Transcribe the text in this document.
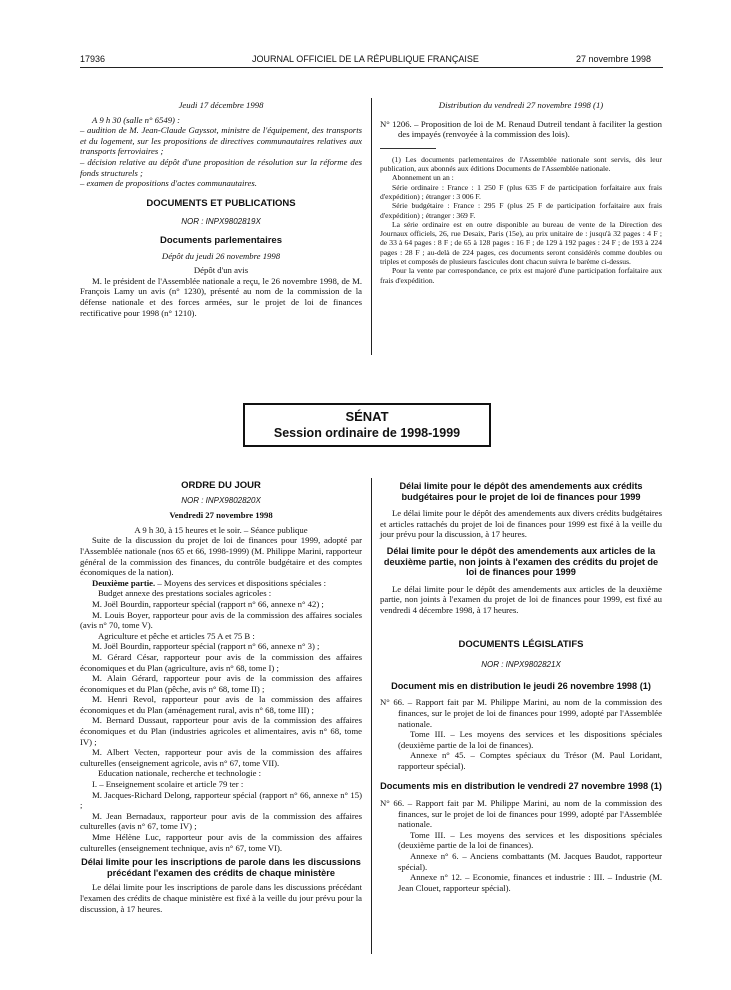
17936	JOURNAL OFFICIEL DE LA RÉPUBLIQUE FRANÇAISE	27 novembre 1998

Jeudi 17 décembre 1998

A 9 h 30 (salle n° 6549) :

– audition de M. Jean-Claude Gayssot, ministre de l'équipement, des transports et du logement, sur les propositions de directives communautaires relatives aux transports ferroviaires ;

– décision relative au dépôt d'une proposition de résolution sur la réforme des fonds structurels ;

– examen de propositions d'actes communautaires.

DOCUMENTS ET PUBLICATIONS

NOR : INPX9802819X

Documents parlementaires

Dépôt du jeudi 26 novembre 1998

Dépôt d'un avis

M. le président de l'Assemblée nationale a reçu, le 26 novembre 1998, de M. François Lamy un avis (n° 1230), présenté au nom de la commission de la défense nationale et des forces armées, sur le projet de loi de finances rectificative pour 1998 (n° 1210).

Distribution du vendredi 27 novembre 1998 (1)

N° 1206. – Proposition de loi de M. Renaud Dutreil tendant à faciliter la gestion des impayés (renvoyée à la commission des lois).

(1) Les documents parlementaires de l'Assemblée nationale sont servis, dès leur publication, aux abonnés aux éditions Documents de l'Assemblée nationale.

Abonnement un an :

Série ordinaire : France : 1 250 F (plus 635 F de participation forfaitaire aux frais d'expédition) ; étranger : 3 006 F.

Série budgétaire : France : 295 F (plus 25 F de participation forfaitaire aux frais d'expédition) ; étranger : 369 F.

La série ordinaire est en outre disponible au bureau de vente de la Direction des Journaux officiels, 26, rue Desaix, Paris (15e), au prix unitaire de : jusqu'à 32 pages : 4 F ; de 33 à 64 pages : 8 F ; de 65 à 128 pages : 16 F ; de 129 à 192 pages : 24 F ; de 193 à 224 pages : 28 F ; au-delà de 224 pages, ces documents seront considérés comme doubles ou triples et composés de plusieurs fascicules dont chacun suivra le barème ci-dessus.

Pour la vente par correspondance, ce prix est majoré d'une participation forfaitaire aux frais d'expédition.

SÉNAT
Session ordinaire de 1998-1999

ORDRE DU JOUR

NOR : INPX9802820X

Vendredi 27 novembre 1998

A 9 h 30, à 15 heures et le soir. – Séance publique

Suite de la discussion du projet de loi de finances pour 1999, adopté par l'Assemblée nationale (nos 65 et 66, 1998-1999) (M. Philippe Marini, rapporteur général de la commission des finances, du contrôle budgétaire et des comptes économiques de la nation).

Deuxième partie. – Moyens des services et dispositions spéciales :

Budget annexe des prestations sociales agricoles :

M. Joël Bourdin, rapporteur spécial (rapport n° 66, annexe n° 42) ;

M. Louis Boyer, rapporteur pour avis de la commission des affaires sociales (avis n° 70, tome V).

Agriculture et pêche et articles 75 A et 75 B :

M. Joël Bourdin, rapporteur spécial (rapport n° 66, annexe n° 3) ;

M. Gérard César, rapporteur pour avis de la commission des affaires économiques et du Plan (agriculture, avis n° 68, tome I) ;

M. Alain Gérard, rapporteur pour avis de la commission des affaires économiques et du Plan (pêche, avis n° 68, tome II) ;

M. Henri Revol, rapporteur pour avis de la commission des affaires économiques et du Plan (aménagement rural, avis n° 68, tome III) ;

M. Bernard Dussaut, rapporteur pour avis de la commission des affaires économiques et du Plan (industries agricoles et alimentaires, avis n° 68, tome IV) ;

M. Albert Vecten, rapporteur pour avis de la commission des affaires culturelles (enseignement agricole, avis n° 67, tome VII).

Education nationale, recherche et technologie :

I. – Enseignement scolaire et article 79 ter :

M. Jacques-Richard Delong, rapporteur spécial (rapport n° 66, annexe n° 15) ;

M. Jean Bernadaux, rapporteur pour avis de la commission des affaires culturelles (avis n° 67, tome IV) ;

Mme Hélène Luc, rapporteur pour avis de la commission des affaires culturelles (enseignement technique, avis n° 67, tome VI).

Délai limite pour les inscriptions de parole dans les discussions précédant l'examen des crédits de chaque ministère

Le délai limite pour les inscriptions de parole dans les discussions précédant l'examen des crédits de chaque ministère est fixé à la veille du jour prévu pour la discussion, à 17 heures.

Délai limite pour le dépôt des amendements aux crédits budgétaires pour le projet de loi de finances pour 1999

Le délai limite pour le dépôt des amendements aux divers crédits budgétaires et articles rattachés du projet de loi de finances pour 1999 est fixé à la veille du jour prévu pour la discussion, à 17 heures.

Délai limite pour le dépôt des amendements aux articles de la deuxième partie, non joints à l'examen des crédits du projet de loi de finances pour 1999

Le délai limite pour le dépôt des amendements aux articles de la deuxième partie, non joints à l'examen du projet de loi de finances pour 1999, est fixé au vendredi 4 décembre 1998, à 17 heures.

DOCUMENTS LÉGISLATIFS

NOR : INPX9802821X

Document mis en distribution le jeudi 26 novembre 1998 (1)

N° 66. – Rapport fait par M. Philippe Marini, au nom de la commission des finances, sur le projet de loi de finances pour 1999, adopté par l'Assemblée nationale.

Tome III. – Les moyens des services et les dispositions spéciales (deuxième partie de la loi de finances).

Annexe n° 45. – Comptes spéciaux du Trésor (M. Paul Loridant, rapporteur spécial).

Documents mis en distribution le vendredi 27 novembre 1998 (1)

N° 66. – Rapport fait par M. Philippe Marini, au nom de la commission des finances, sur le projet de loi de finances pour 1999, adopté par l'Assemblée nationale.

Tome III. – Les moyens des services et les dispositions spéciales (deuxième partie de la loi de finances).

Annexe n° 6. – Anciens combattants (M. Jacques Baudot, rapporteur spécial).

Annexe n° 12. – Economie, finances et industrie : III. – Industrie (M. Jean Clouet, rapporteur spécial).
